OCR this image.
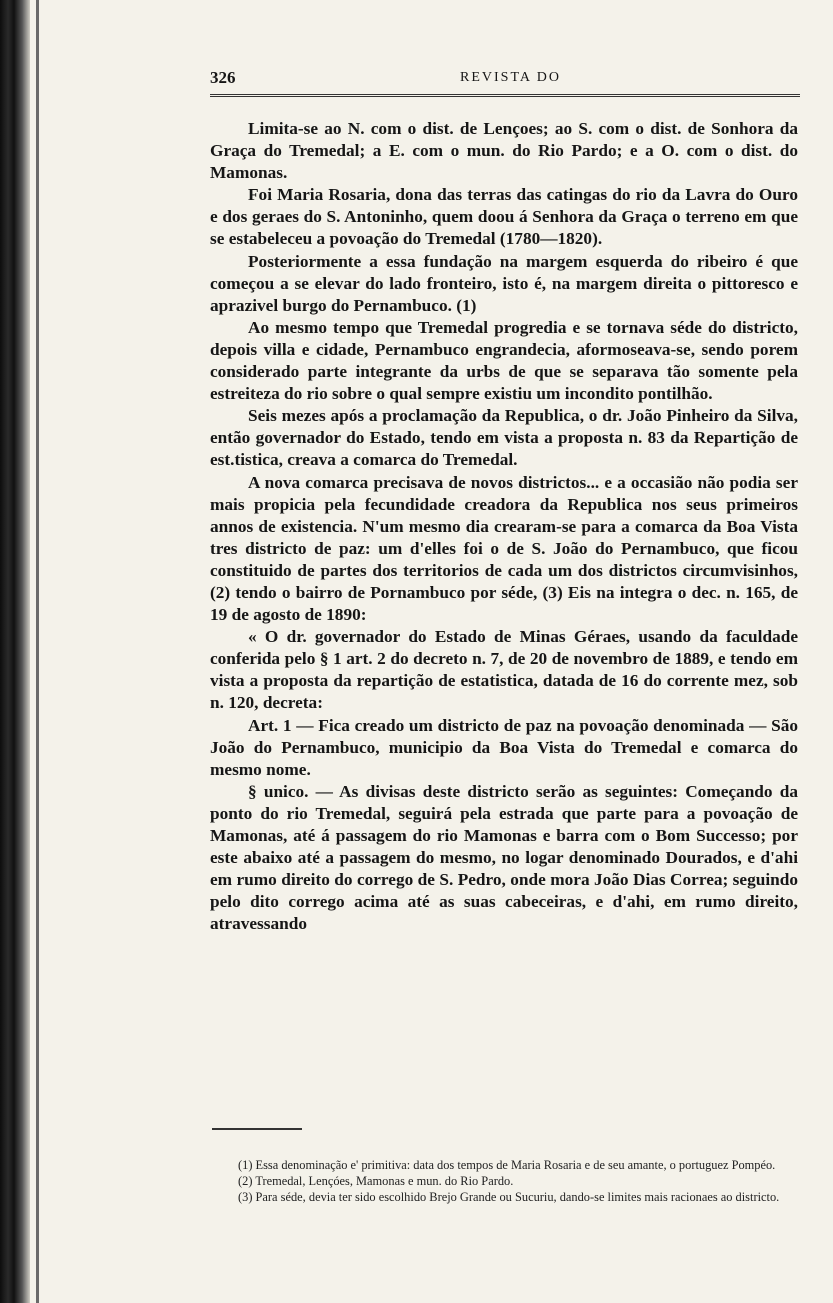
326	REVISTA DO

Limita-se ao N. com o dist. de Lençoes; ao S. com o dist. de Sonhora da Graça do Tremedal; a E. com o mun. do Rio Pardo; e a O. com o dist. do Mamonas.

Foi Maria Rosaria, dona das terras das catingas do rio da Lavra do Ouro e dos geraes do S. Antoninho, quem doou á Senhora da Graça o terreno em que se estabeleceu a povoação do Tremedal (1780—1820).

Posteriormente a essa fundação na margem esquerda do ribeiro é que começou a se elevar do lado fronteiro, isto é, na margem direita o pittoresco e aprazivel burgo do Pernambuco. (1)

Ao mesmo tempo que Tremedal progredia e se tornava séde do districto, depois villa e cidade, Pernambuco engrandecia, aformoseava-se, sendo porem considerado parte integrante da urbs de que se separava tão somente pela estreiteza do rio sobre o qual sempre existiu um incondito pontilhão.

Seis mezes após a proclamação da Republica, o dr. João Pinheiro da Silva, então governador do Estado, tendo em vista a proposta n. 83 da Repartição de est.tistica, creava a comarca do Tremedal.

A nova comarca precisava de novos districtos... e a occasião não podia ser mais propicia pela fecundidade creadora da Republica nos seus primeiros annos de existencia. N'um mesmo dia crearam-se para a comarca da Boa Vista tres districto de paz: um d'elles foi o de S. João do Pernambuco, que ficou constituido de partes dos territorios de cada um dos districtos circumvisinhos, (2) tendo o bairro de Pornambuco por séde, (3) Eis na integra o dec. n. 165, de 19 de agosto de 1890:

« O dr. governador do Estado de Minas Géraes, usando da faculdade conferida pelo § 1 art. 2 do decreto n. 7, de 20 de novembro de 1889, e tendo em vista a proposta da repartição de estatistica, datada de 16 do corrente mez, sob n. 120, decreta:

Art. 1 — Fica creado um districto de paz na povoação denominada — São João do Pernambuco, municipio da Boa Vista do Tremedal e comarca do mesmo nome.

§ unico. — As divisas deste districto serão as seguintes: Começando da ponto do rio Tremedal, seguirá pela estrada que parte para a povoação de Mamonas, até á passagem do rio Mamonas e barra com o Bom Successo; por este abaixo até a passagem do mesmo, no logar denominado Dourados, e d'ahi em rumo direito do corrego de S. Pedro, onde mora João Dias Correa; seguindo pelo dito corrego acima até as suas cabeceiras, e d'ahi, em rumo direito, atravessando

(1) Essa denominação e' primitiva: data dos tempos de Maria Rosaria e de seu amante, o portuguez Pompéo.

(2) Tremedal, Lençóes, Mamonas e mun. do Rio Pardo.

(3) Para séde, devia ter sido escolhido Brejo Grande ou Sucuriu, dando-se limites mais racionaes ao districto.
